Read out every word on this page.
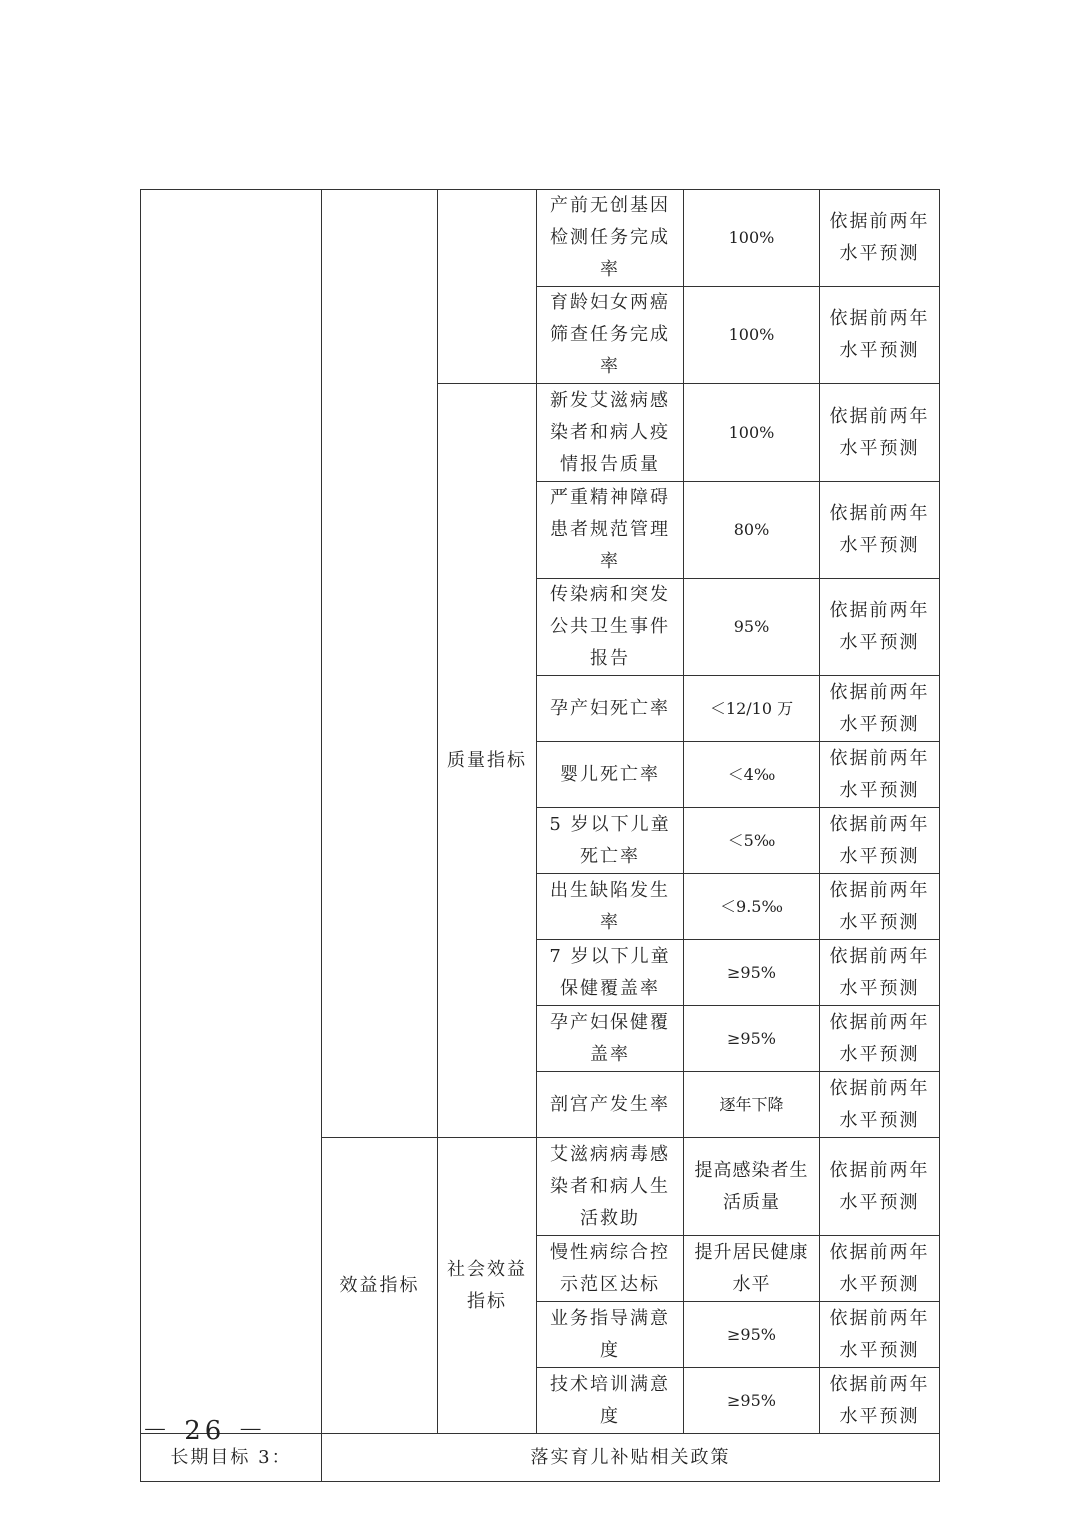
			产前无创基因检测任务完成率	100%	依据前两年水平预测
			育龄妇女两癌筛查任务完成率	100%	依据前两年水平预测
		质量指标	新发艾滋病感染者和病人疫情报告质量	100%	依据前两年水平预测
			严重精神障碍患者规范管理率	80%	依据前两年水平预测
			传染病和突发公共卫生事件报告	95%	依据前两年水平预测
			孕产妇死亡率	＜12/10 万	依据前两年水平预测
			婴儿死亡率	＜4‰	依据前两年水平预测
			5 岁以下儿童死亡率	＜5‰	依据前两年水平预测
			出生缺陷发生率	＜9.5‰	依据前两年水平预测
			7 岁以下儿童保健覆盖率	≥95%	依据前两年水平预测
			孕产妇保健覆盖率	≥95%	依据前两年水平预测
			剖宫产发生率	逐年下降	依据前两年水平预测
	效益指标	社会效益指标	艾滋病病毒感染者和病人生活救助	提高感染者生活质量	依据前两年水平预测
			慢性病综合控示范区达标	提升居民健康水平	依据前两年水平预测
			业务指导满意度	≥95%	依据前两年水平预测
			技术培训满意度	≥95%	依据前两年水平预测
长期目标 3：	落实育儿补贴相关政策				
－ 26 －
